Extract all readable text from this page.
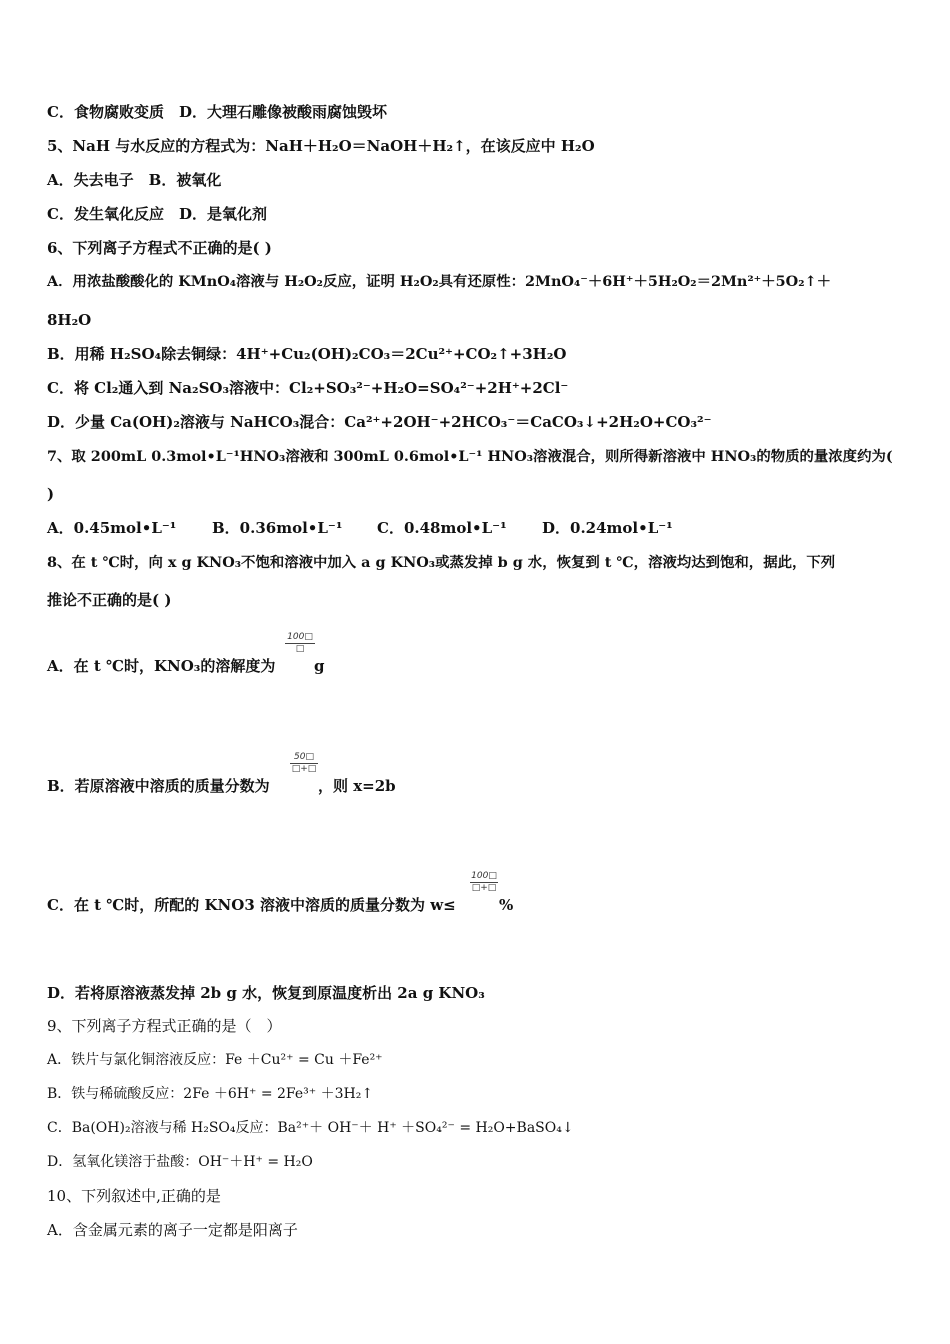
C．食物腐败变质　D．大理石雕像被酸雨腐蚀毁坏
5、NaH 与水反应的方程式为：NaH＋H₂O＝NaOH＋H₂↑，在该反应中 H₂O
A．失去电子　B．被氧化
C．发生氧化反应　D．是氧化剂
6、下列离子方程式不正确的是( )
A．用浓盐酸酸化的 KMnO₄溶液与 H₂O₂反应，证明 H₂O₂具有还原性：2MnO₄⁻＋6H⁺＋5H₂O₂＝2Mn²⁺＋5O₂↑＋
8H₂O
B．用稀 H₂SO₄除去铜绿：4H⁺+Cu₂(OH)₂CO₃＝2Cu²⁺+CO₂↑+3H₂O
C．将 Cl₂通入到 Na₂SO₃溶液中：Cl₂+SO₃²⁻+H₂O=SO₄²⁻+2H⁺+2Cl⁻
D．少量 Ca(OH)₂溶液与 NaHCO₃混合：Ca²⁺+2OH⁻+2HCO₃⁻＝CaCO₃↓+2H₂O+CO₃²⁻
7、取 200mL 0.3mol•L⁻¹HNO₃溶液和 300mL 0.6mol•L⁻¹ HNO₃溶液混合，则所得新溶液中 HNO₃的物质的量浓度约为(
)
A．0.45mol•L⁻¹ B．0.36mol•L⁻¹ C．0.48mol•L⁻¹ D．0.24mol•L⁻¹
8、在 t ℃时，向 x g KNO₃不饱和溶液中加入 a g KNO₃或蒸发掉 b g 水，恢复到 t ℃，溶液均达到饱和，据此，下列
推论不正确的是( )
A．在 t ℃时，KNO₃的溶解度为
100□
□
g
B．若原溶液中溶质的质量分数为
50□
□+□
，则 x=2b
C．在 t ℃时，所配的 KNO3 溶液中溶质的质量分数为 w≤
100□
□+□
%
D．若将原溶液蒸发掉 2b g 水，恢复到原温度析出 2a g KNO₃
9、下列离子方程式正确的是（　）
A．铁片与氯化铜溶液反应：Fe ＋Cu²⁺ = Cu ＋Fe²⁺
B．铁与稀硫酸反应：2Fe ＋6H⁺ = 2Fe³⁺ ＋3H₂↑
C．Ba(OH)₂溶液与稀 H₂SO₄反应：Ba²⁺＋ OH⁻＋ H⁺ ＋SO₄²⁻ = H₂O+BaSO₄↓
D．氢氧化镁溶于盐酸：OH⁻＋H⁺ = H₂O
10、下列叙述中,正确的是
A．含金属元素的离子一定都是阳离子
